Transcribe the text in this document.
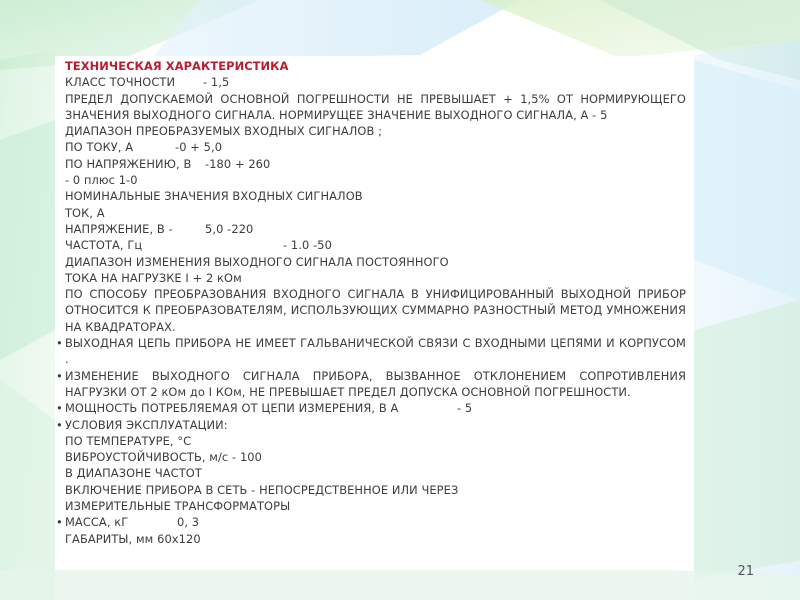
ТЕХНИЧЕСКАЯ ХАРАКТЕРИСТИКА
КЛАСС ТОЧНОСТИ	- 1,5
ПРЕДЕЛ ДОПУСКАЕМОЙ ОСНОВНОЙ ПОГРЕШНОСТИ НЕ ПРЕВЫШАЕТ + 1,5% ОТ НОРМИРУЮЩЕГО ЗНАЧЕНИЯ ВЫХОДНОГО СИГНАЛА. НОРМИРУЩЕЕ ЗНАЧЕНИЕ ВЫХОДНОГО СИГНАЛА, А - 5
ДИАПАЗОН ПРЕОБРАЗУЕМЫХ ВХОДНЫХ СИГНАЛОВ ;
ПО ТОКУ, А	-0 + 5,0
ПО НАПРЯЖЕНИЮ, В	-180 + 260
- 0 плюс 1-0
НОМИНАЛЬНЫЕ ЗНАЧЕНИЯ ВХОДНЫХ СИГНАЛОВ
ТОК, А
НАПРЯЖЕНИЕ, В -	5,0 -220
ЧАСТОТА, Гц	- 1.0 -50
ДИАПАЗОН ИЗМЕНЕНИЯ ВЫХОДНОГО СИГНАЛА ПОСТОЯННОГО
ТОКА НА НАГРУЗКЕ I + 2 кОм
ПО СПОСОБУ ПРЕОБРАЗОВАНИЯ ВХОДНОГО СИГНАЛА В УНИФИЦИРОВАННЫЙ ВЫХОДНОЙ ПРИБОР ОТНОСИТСЯ К ПРЕОБРАЗОВАТЕЛЯМ, ИСПОЛЬЗУЮЩИХ СУММАРНО РАЗНОСТНЫЙ МЕТОД УМНОЖЕНИЯ НА КВАДРАТОРАХ.
• ВЫХОДНАЯ ЦЕПЬ ПРИБОРА НЕ ИМЕЕТ ГАЛЬВАНИЧЕСКОЙ СВЯЗИ С ВХОДНЫМИ ЦЕПЯМИ И КОРПУСОМ .
• ИЗМЕНЕНИЕ ВЫХОДНОГО СИГНАЛА ПРИБОРА, ВЫЗВАННОЕ ОТКЛОНЕНИЕМ СОПРОТИВЛЕНИЯ НАГРУЗКИ ОТ 2 кОм до I КОм, НЕ ПРЕВЫШАЕТ ПРЕДЕЛ ДОПУСКА ОСНОВНОЙ ПОГРЕШНОСТИ.
• МОЩНОСТЬ ПОТРЕБЛЯЕМАЯ ОТ ЦЕПИ ИЗМЕРЕНИЯ, В А	- 5
• УСЛОВИЯ ЭКСПЛУАТАЦИИ:
ПО ТЕМПЕРАТУРЕ, °С
ВИБРОУСТОЙЧИВОСТЬ, м/с - 100
В ДИАПАЗОНЕ ЧАСТОТ
ВКЛЮЧЕНИЕ ПРИБОРА В СЕТЬ - НЕПОСРЕДСТВЕННОЕ ИЛИ ЧЕРЕЗ
ИЗМЕРИТЕЛЬНЫЕ ТРАНСФОРМАТОРЫ
• МАССА, кГ	0, 3
ГАБАРИТЫ, мм 60х120
21
